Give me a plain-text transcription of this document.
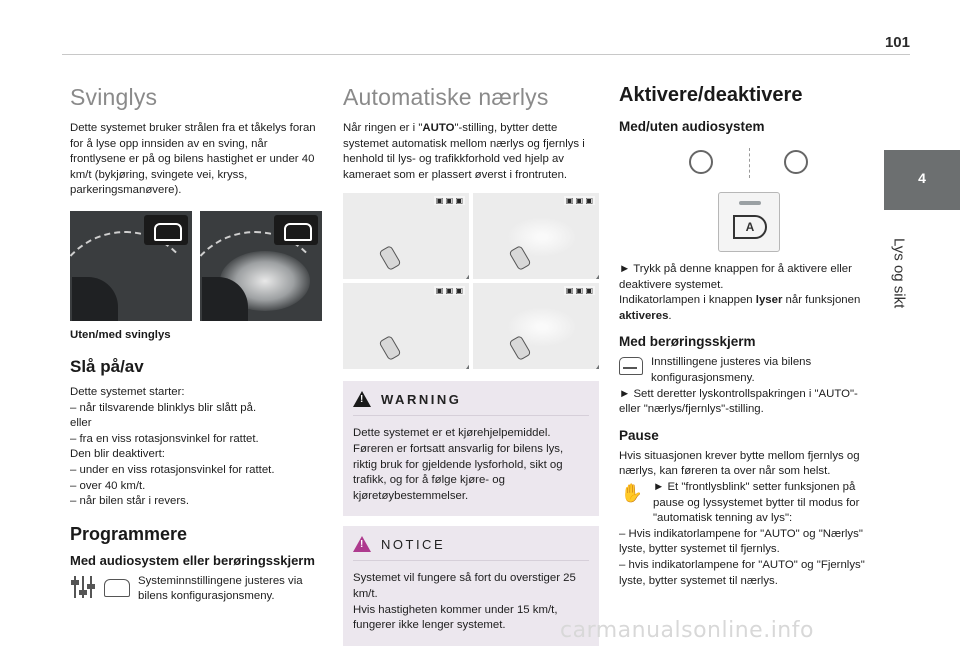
101
4
Lys og sikt
Svinglys
Dette systemet bruker strålen fra et tåkelys foran for å lyse opp innsiden av en sving, når frontlysene er på og bilens hastighet er under 40 km/t (bykjøring, svingete vei, kryss, parkeringsmanøvere).
Uten/med svinglys
Slå på/av
Dette systemet starter:
– når tilsvarende blinklys blir slått på.
eller
– fra en viss rotasjonsvinkel for rattet.
Den blir deaktivert:
– under en viss rotasjonsvinkel for rattet.
– over 40 km/t.
– når bilen står i revers.
Programmere
Med audiosystem eller berøringsskjerm
Systeminnstillingene justeres via bilens konfigurasjonsmeny.
Automatiske nærlys
Når ringen er i "AUTO"-stilling, bytter dette systemet automatisk mellom nærlys og fjernlys i henhold til lys- og trafikkforhold ved hjelp av kameraet som er plassert øverst i frontruten.
▣ ▣ ▣	▣ ▣ ▣
▣ ▣ ▣	▣ ▣ ▣
! WARNING
Dette systemet er et kjørehjelpemiddel. Føreren er fortsatt ansvarlig for bilens lys, riktig bruk for gjeldende lysforhold, sikt og trafikk, og for å følge kjøre- og kjøretøybestemmelser.
! NOTICE
Systemet vil fungere så fort du overstiger 25 km/t.
Hvis hastigheten kommer under 15 km/t, fungerer ikke lenger systemet.
Aktivere/deaktivere
Med/uten audiosystem
A
► Trykk på denne knappen for å aktivere eller deaktivere systemet.
Indikatorlampen i knappen lyser når funksjonen aktiveres.
Med berøringsskjerm
Innstillingene justeres via bilens konfigurasjonsmeny.
► Sett deretter lyskontrollspakringen i "AUTO"- eller "nærlys/fjernlys"-stilling.
Pause
Hvis situasjonen krever bytte mellom fjernlys og nærlys, kan føreren ta over når som helst.
✋ ► Et "frontlysblink" setter funksjonen på pause og lyssystemet bytter til modus for "automatisk tenning av lys":
– Hvis indikatorlampene for "AUTO" og "Nærlys" lyste, bytter systemet til fjernlys.
– hvis indikatorlampene for "AUTO" og "Fjernlys" lyste, bytter systemet til nærlys.
carmanualsonline.info
